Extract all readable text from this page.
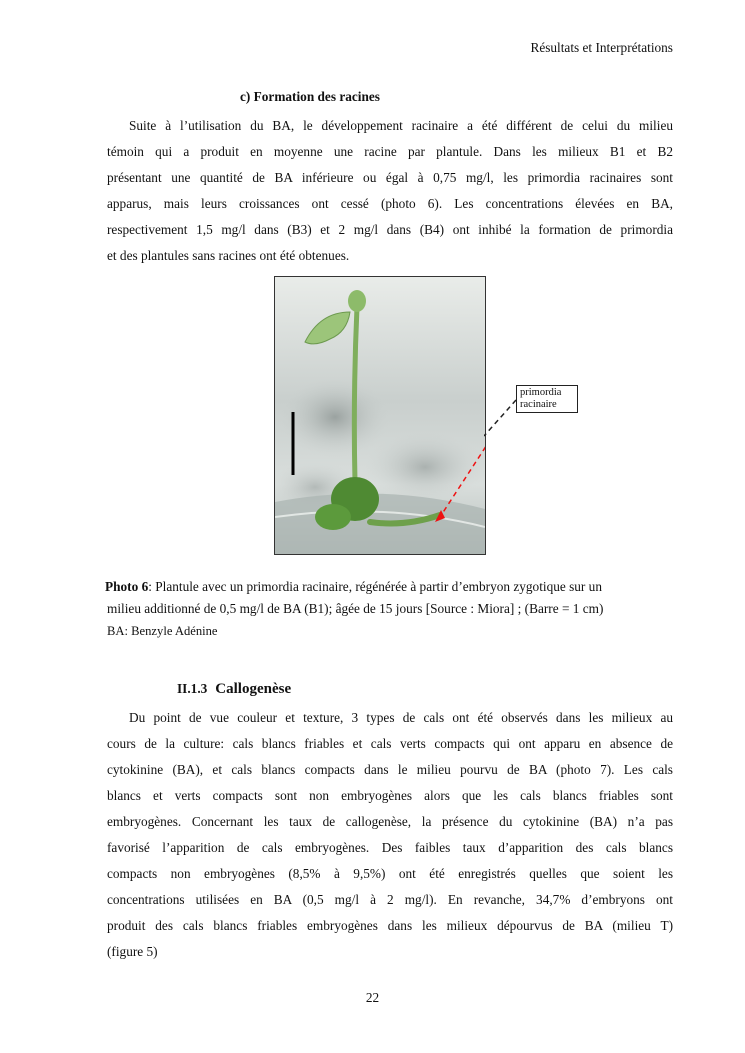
Résultats et Interprétations
c) Formation des racines
Suite à l’utilisation du BA, le développement racinaire a été différent de celui du milieu
témoin qui a produit en moyenne une racine par plantule. Dans les milieux B1 et B2
présentant une quantité de BA inférieure ou égal à 0,75 mg/l, les primordia racinaires sont
apparus, mais leurs croissances ont cessé (photo 6). Les concentrations élevées en BA,
respectivement 1,5 mg/l dans (B3) et 2 mg/l dans (B4) ont inhibé la formation de primordia
et des plantules sans racines ont été obtenues.
primordia
racinaire
Photo 6: Plantule avec un primordia racinaire, régénérée à partir d’embryon zygotique sur un
milieu additionné de 0,5 mg/l de BA (B1); âgée de 15 jours [Source : Miora] ; (Barre = 1 cm)
BA: Benzyle Adénine
II.1.3 Callogenèse
Du point de vue couleur et texture, 3 types de cals ont été observés dans les milieux au
cours de la culture: cals blancs friables et cals verts compacts qui ont apparu en absence de
cytokinine (BA), et cals blancs compacts dans le milieu pourvu de BA (photo 7). Les cals
blancs et verts compacts sont non embryogènes alors que les cals blancs friables sont
embryogènes. Concernant les taux de callogenèse, la présence du cytokinine (BA) n’a pas
favorisé l’apparition de cals embryogènes. Des faibles taux d’apparition des cals blancs
compacts non embryogènes (8,5% à 9,5%) ont été enregistrés quelles que soient les
concentrations utilisées en BA (0,5 mg/l à 2 mg/l). En revanche, 34,7% d’embryons ont
produit des cals blancs friables embryogènes dans les milieux dépourvus de BA (milieu T)
(figure 5)
22
